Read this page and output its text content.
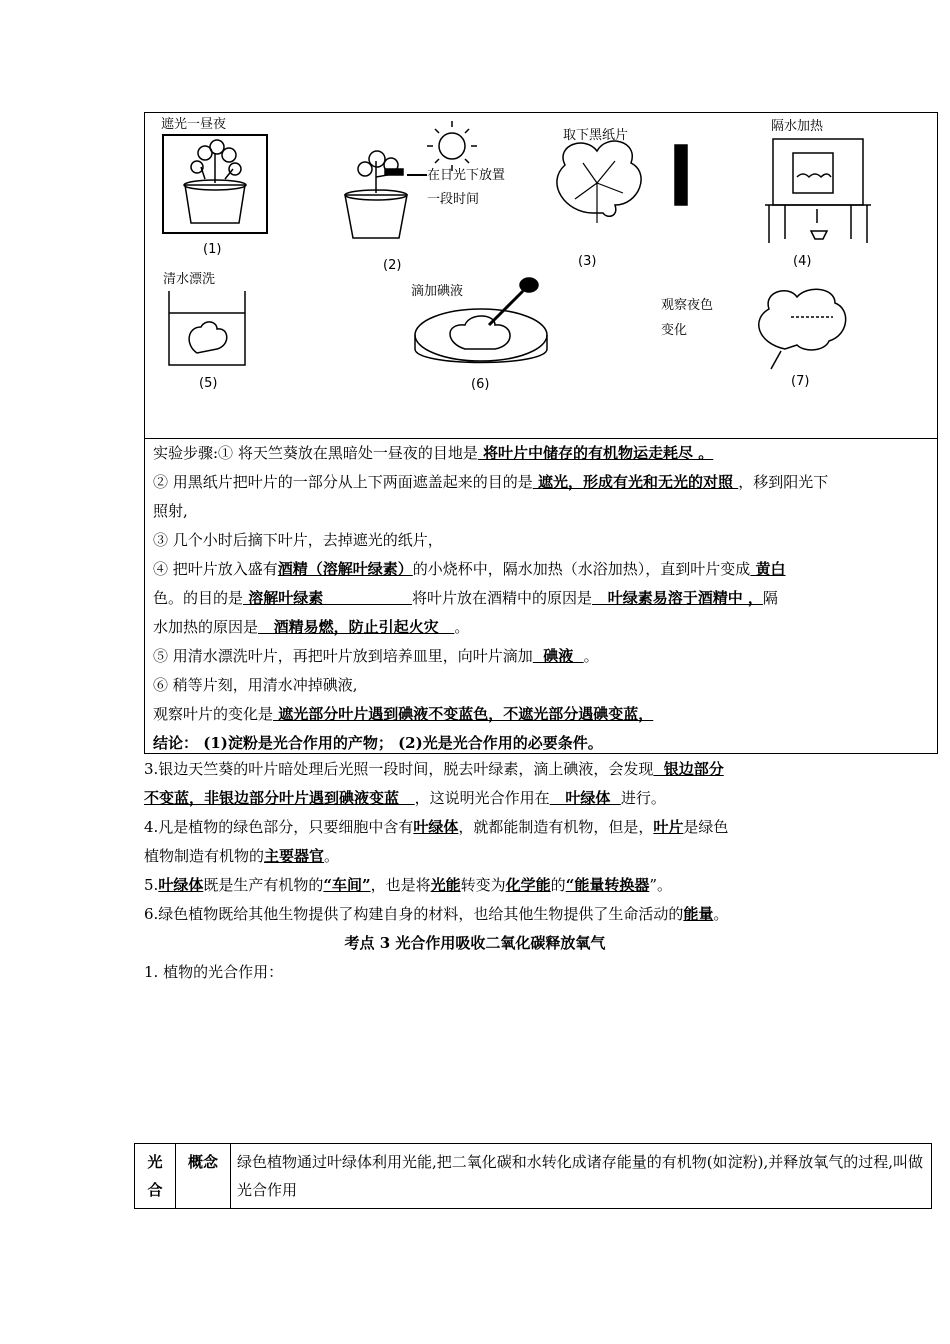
遮光一昼夜
(1)
在日光下放置
一段时间
(2)
取下黑纸片
(3)
隔水加热
(4)
清水漂洗
(5)
滴加碘液
(6)
观察夜色
变化
(7)
实验步骤:① 将天竺葵放在黑暗处一昼夜的目地是 将叶片中储存的有机物运走耗尽 。
② 用黑纸片把叶片的一部分从上下两面遮盖起来的目的是 遮光，形成有光和无光的对照 ，移到阳光下
照射,
③ 几个小时后摘下叶片，去掉遮光的纸片，
④ 把叶片放入盛有酒精（溶解叶绿素）的小烧杯中，隔水加热（水浴加热），直到叶片变成 黄白
色。的目的是 溶解叶绿素                 将叶片放在酒精中的原因是   叶绿素易溶于酒精中 ，隔
水加热的原因是   酒精易燃，防止引起火灾   。
⑤ 用清水漂洗叶片，再把叶片放到培养皿里，向叶片滴加  碘液  。
⑥ 稍等片刻，用清水冲掉碘液,
观察叶片的变化是 遮光部分叶片遇到碘液不变蓝色，不遮光部分遇碘变蓝，
结论： (1)淀粉是光合作用的产物； (2)光是光合作用的必要条件。
3.银边天竺葵的叶片暗处理后光照一段时间，脱去叶绿素，滴上碘液，会发现  银边部分
不变蓝，非银边部分叶片遇到碘液变蓝   ，这说明光合作用在   叶绿体  进行。
4.凡是植物的绿色部分，只要细胞中含有叶绿体，就都能制造有机物，但是，叶片是绿色
植物制造有机物的主要器官。
5.叶绿体既是生产有机物的“车间”，也是将光能转变为化学能的“能量转换器”。
6.绿色植物既给其他生物提供了构建自身的材料，也给其他生物提供了生命活动的能量。
考点 3 光合作用吸收二氧化碳释放氧气
1. 植物的光合作用：
光合	概念	绿色植物通过叶绿体利用光能,把二氧化碳和水转化成诸存能量的有机物(如淀粉),并释放氧气的过程,叫做光合作用
